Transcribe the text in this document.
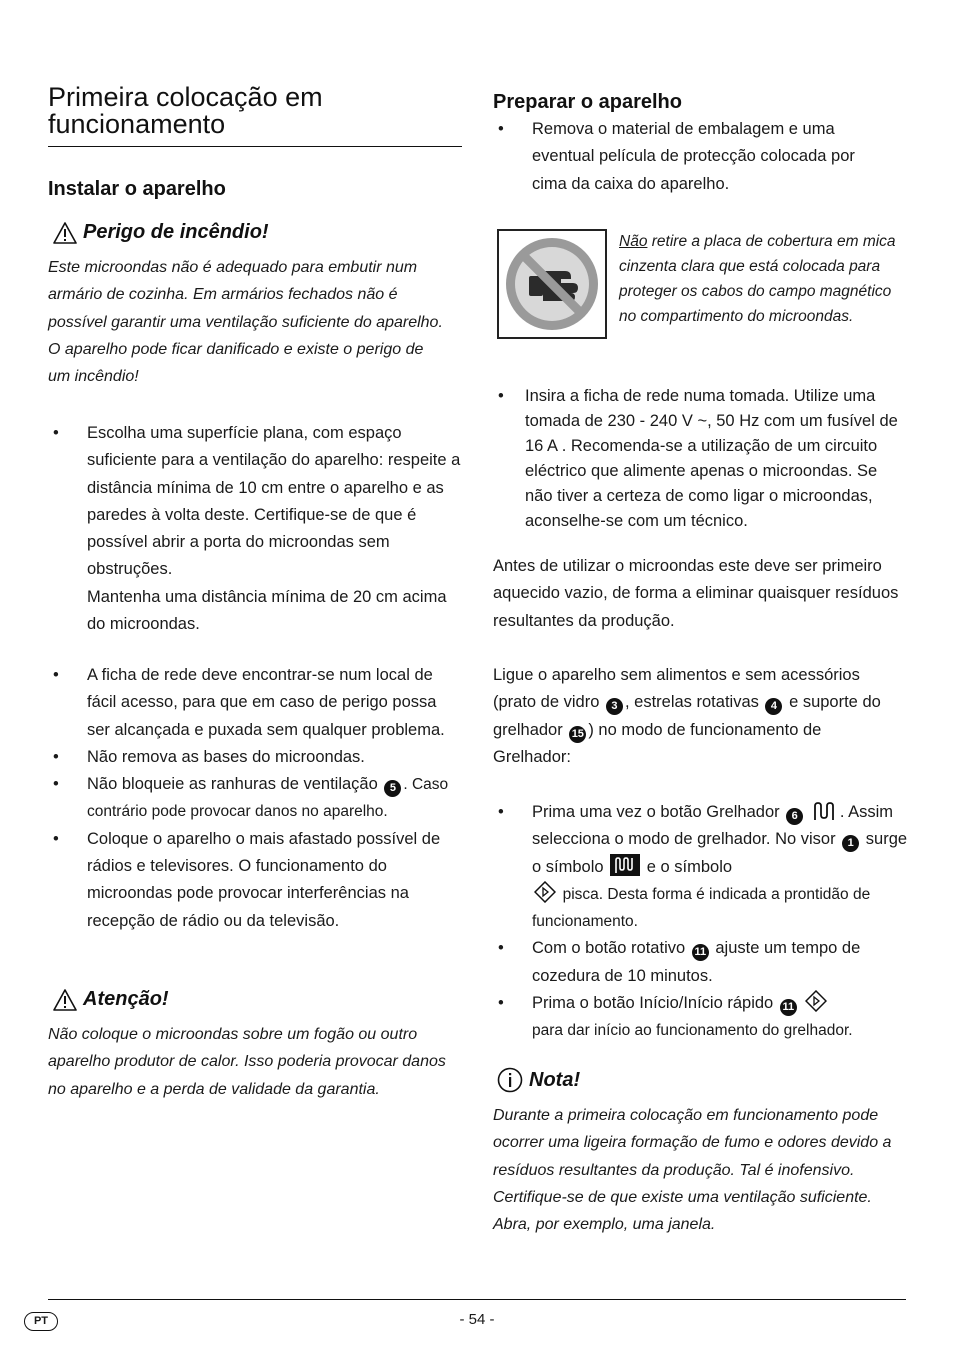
Primeira colocação em
funcionamento
Instalar o aparelho
Perigo de incêndio!
Este microondas não é adequado para embutir num armário de cozinha. Em armários fechados não é possível garantir uma ventilação suficiente do aparelho. O aparelho pode ficar danificado e existe o perigo de um incêndio!
• Escolha uma superfície plana, com espaço suficiente para a ventilação do aparelho: respeite a distância mínima de 10 cm entre o aparelho e as paredes à volta deste. Certifique-se de que é possível abrir a porta do microondas sem obstruções.
Mantenha uma distância mínima de 20 cm acima do microondas.
• A ficha de rede deve encontrar-se num local de fácil acesso, para que em caso de perigo possa ser alcançada e puxada sem qualquer problema.
• Não remova as bases do microondas.
• Não bloqueie as ranhuras de ventilação 5 . Caso contrário pode provocar danos no aparelho.
• Coloque o aparelho o mais afastado possível de rádios e televisores. O funcionamento do microondas pode provocar interferências na recepção de rádio ou da televisão.
Atenção!
Não coloque o microondas sobre um fogão ou outro aparelho produtor de calor. Isso poderia provocar danos no aparelho e a perda de validade da garantia.
Preparar o aparelho
• Remova o material de embalagem e uma eventual película de protecção colocada por cima da caixa do aparelho.
Não retire a placa de cobertura em mica cinzenta clara que está colocada para proteger os cabos do campo magnético no compartimento do microondas.
• Insira a ficha de rede numa tomada. Utilize uma tomada de 230 - 240 V ~, 50 Hz com um fusível de 16 A . Recomenda-se a utilização de um circuito eléctrico que alimente apenas o microondas. Se não tiver a certeza de como ligar o microondas, aconselhe-se com um técnico.
Antes de utilizar o microondas este deve ser primeiro aquecido vazio, de forma a eliminar quaisquer resíduos resultantes da produção.
Ligue o aparelho sem alimentos e sem acessórios (prato de vidro 3 , estrelas rotativas 4 e suporte do grelhador 15 ) no modo de funcionamento de Grelhador:
• Prima uma vez o botão Grelhador 6	. Assim selecciona o modo de grelhador. No visor 1 surge o símbolo	e o símbolo
pisca. Desta forma é indicada a prontidão de funcionamento.
• Com o botão rotativo 11 ajuste um tempo de cozedura de 10 minutos.
• Prima o botão Início/Início rápido 11
para dar início ao funcionamento do grelhador.
Nota!
Durante a primeira colocação em funcionamento pode ocorrer uma ligeira formação de fumo e odores devido a resíduos resultantes da produção. Tal é inofensivo. Certifique-se de que existe uma ventilação suficiente. Abra, por exemplo, uma janela.
PT	- 54 -
